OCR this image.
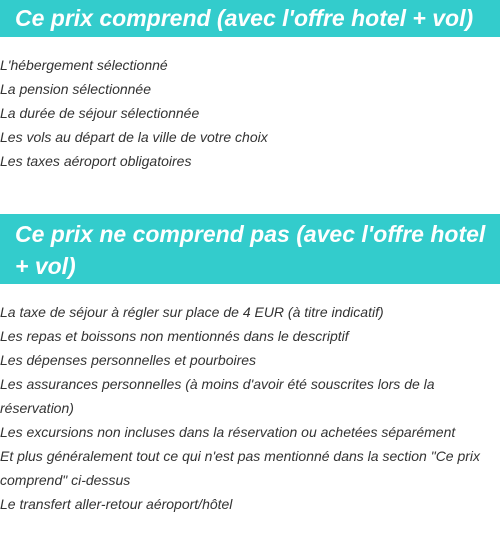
Ce prix comprend (avec l'offre hotel + vol)
L'hébergement sélectionné
La pension sélectionnée
La durée de séjour sélectionnée
Les vols au départ de la ville de votre choix
Les taxes aéroport obligatoires
Ce prix ne comprend pas (avec l'offre hotel + vol)
La taxe de séjour à régler sur place de 4 EUR (à titre indicatif)
Les repas et boissons non mentionnés dans le descriptif
Les dépenses personnelles et pourboires
Les assurances personnelles (à moins d'avoir été souscrites lors de la réservation)
Les excursions non incluses dans la réservation ou achetées séparément
Et plus généralement tout ce qui n'est pas mentionné dans la section "Ce prix comprend" ci-dessus
Le transfert aller-retour aéroport/hôtel
